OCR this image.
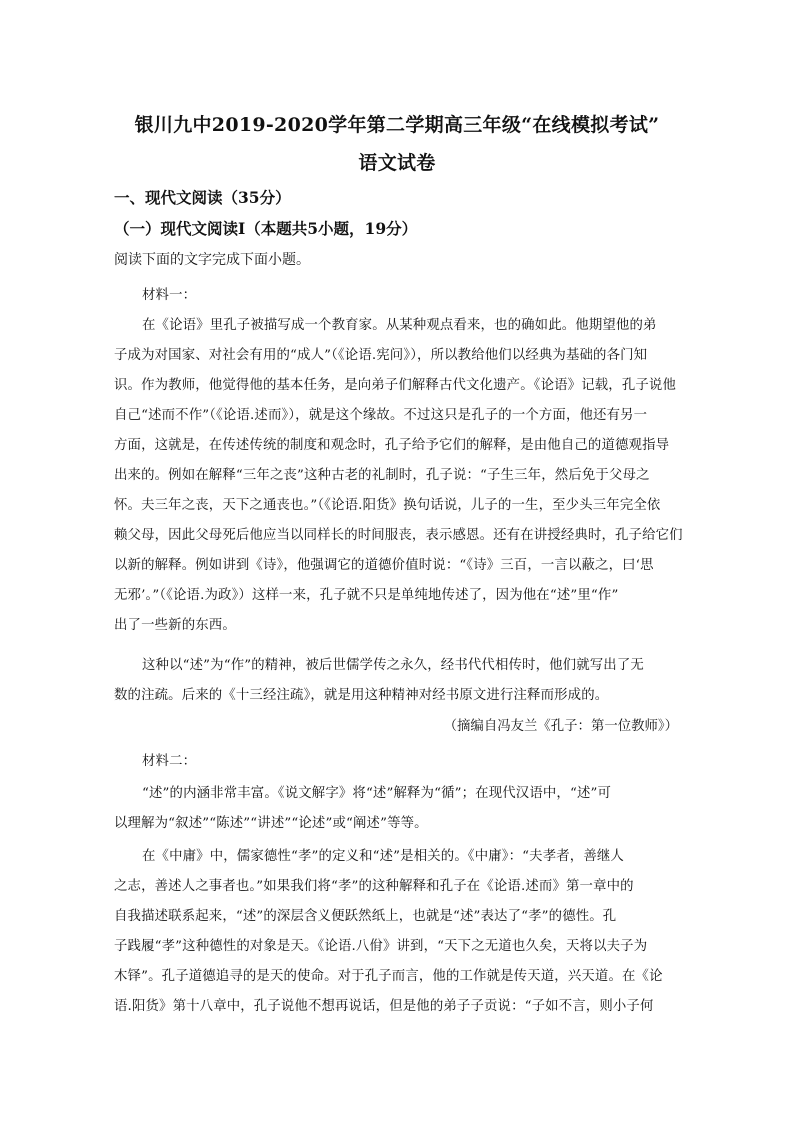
银川九中2019-2020学年第二学期高三年级“在线模拟考试”
语文试卷
一、现代文阅读（35分）
（一）现代文阅读Ⅰ（本题共5小题，19分）
阅读下面的文字完成下面小题。
材料一：
在《论语》里孔子被描写成一个教育家。从某种观点看来，也的确如此。他期望他的弟
子成为对国家、对社会有用的“成人”（《论语.宪问》），所以教给他们以经典为基础的各门知
识。作为教师，他觉得他的基本任务，是向弟子们解释古代文化遗产。《论语》记载，孔子说他
自己“述而不作”（《论语.述而》），就是这个缘故。不过这只是孔子的一个方面，他还有另一
方面，这就是，在传述传统的制度和观念时，孔子给予它们的解释，是由他自己的道德观指导
出来的。例如在解释“三年之丧”这种古老的礼制时，孔子说：“子生三年，然后免于父母之
怀。夫三年之丧，天下之通丧也。”（《论语.阳货》换句话说，儿子的一生，至少头三年完全依
赖父母，因此父母死后他应当以同样长的时间服丧，表示感恩。还有在讲授经典时，孔子给它们
以新的解释。例如讲到《诗》，他强调它的道德价值时说：“《诗》三百，一言以蔽之，曰‘思
无邪’。”（《论语.为政》）这样一来，孔子就不只是单纯地传述了，因为他在“述”里“作”
出了一些新的东西。
这种以“述”为“作”的精神，被后世儒学传之永久，经书代代相传时，他们就写出了无
数的注疏。后来的《十三经注疏》，就是用这种精神对经书原文进行注释而形成的。
（摘编自冯友兰《孔子：第一位教师》）
材料二：
“述”的内涵非常丰富。《说文解字》将“述”解释为“循”；在现代汉语中，“述”可
以理解为“叙述”“陈述”“讲述”“论述”或“阐述”等等。
在《中庸》中，儒家德性“孝”的定义和“述”是相关的。《中庸》：“夫孝者，善继人
之志，善述人之事者也。”如果我们将“孝”的这种解释和孔子在《论语.述而》第一章中的
自我描述联系起来，“述”的深层含义便跃然纸上，也就是“述”表达了“孝”的德性。孔
子践履“孝”这种德性的对象是天。《论语.八佾》讲到，“天下之无道也久矣，天将以夫子为
木铎”。孔子道德追寻的是天的使命。对于孔子而言，他的工作就是传天道，兴天道。在《论
语.阳货》第十八章中，孔子说他不想再说话，但是他的弟子子贡说：“子如不言，则小子何
